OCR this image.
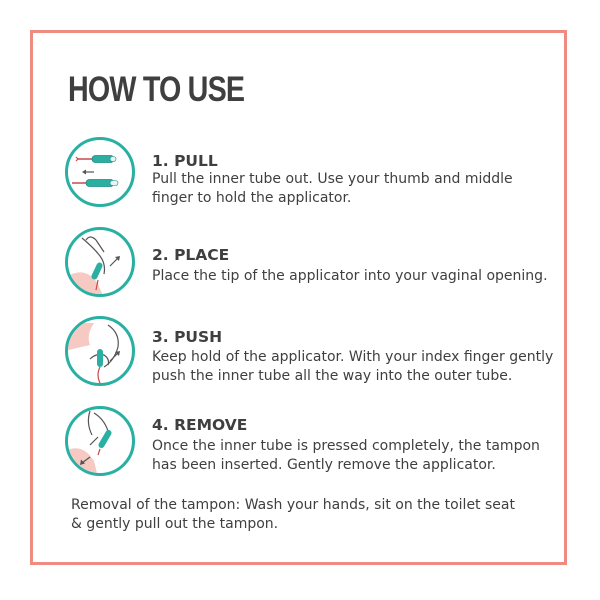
HOW TO USE
1. PULL
Pull the inner tube out. Use your thumb and middle
finger to hold the applicator.
2. PLACE
Place the tip of the applicator into your vaginal opening.
3. PUSH
Keep hold of the applicator. With your index finger gently
push the inner tube all the way into the outer tube.
4. REMOVE
Once the inner tube is pressed completely, the tampon
has been inserted. Gently remove the applicator.
Removal of the tampon: Wash your hands, sit on the toilet seat
& gently pull out the tampon.
